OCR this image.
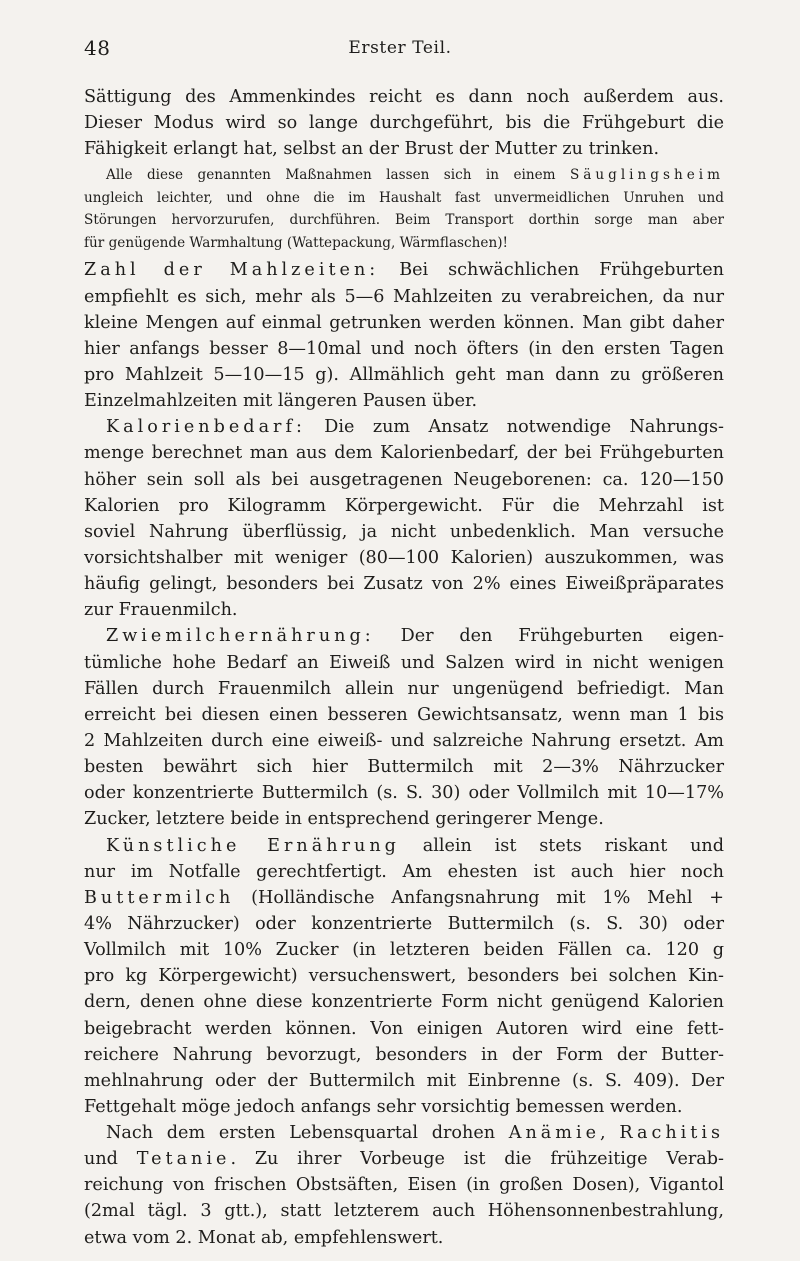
48	Erster Teil.
Sättigung des Ammenkindes reicht es dann noch außerdem aus.
Dieser Modus wird so lange durchgeführt, bis die Frühgeburt die
Fähigkeit erlangt hat, selbst an der Brust der Mutter zu trinken.
Alle diese genannten Maßnahmen lassen sich in einem Säuglingsheim
ungleich leichter, und ohne die im Haushalt fast unvermeidlichen Unruhen und
Störungen hervorzurufen, durchführen. Beim Transport dorthin sorge man aber
für genügende Warmhaltung (Wattepackung, Wärmflaschen)!
Zahl der Mahlzeiten: Bei schwächlichen Frühgeburten
empfiehlt es sich, mehr als 5—6 Mahlzeiten zu verabreichen, da nur
kleine Mengen auf einmal getrunken werden können. Man gibt daher
hier anfangs besser 8—10mal und noch öfters (in den ersten Tagen
pro Mahlzeit 5—10—15 g). Allmählich geht man dann zu größeren
Einzelmahlzeiten mit längeren Pausen über.
Kalorienbedarf: Die zum Ansatz notwendige Nahrungs-
menge berechnet man aus dem Kalorienbedarf, der bei Frühgeburten
höher sein soll als bei ausgetragenen Neugeborenen: ca. 120—150
Kalorien pro Kilogramm Körpergewicht. Für die Mehrzahl ist
soviel Nahrung überflüssig, ja nicht unbedenklich. Man versuche
vorsichtshalber mit weniger (80—100 Kalorien) auszukommen, was
häufig gelingt, besonders bei Zusatz von 2% eines Eiweißpräparates
zur Frauenmilch.
Zwiemilchernährung: Der den Frühgeburten eigen-
tümliche hohe Bedarf an Eiweiß und Salzen wird in nicht wenigen
Fällen durch Frauenmilch allein nur ungenügend befriedigt. Man
erreicht bei diesen einen besseren Gewichtsansatz, wenn man 1 bis
2 Mahlzeiten durch eine eiweiß- und salzreiche Nahrung ersetzt. Am
besten bewährt sich hier Buttermilch mit 2—3% Nährzucker
oder konzentrierte Buttermilch (s. S. 30) oder Vollmilch mit 10—17%
Zucker, letztere beide in entsprechend geringerer Menge.
Künstliche Ernährung allein ist stets riskant und
nur im Notfalle gerechtfertigt. Am ehesten ist auch hier noch
Buttermilch (Holländische Anfangsnahrung mit 1% Mehl +
4% Nährzucker) oder konzentrierte Buttermilch (s. S. 30) oder
Vollmilch mit 10% Zucker (in letzteren beiden Fällen ca. 120 g
pro kg Körpergewicht) versuchenswert, besonders bei solchen Kin-
dern, denen ohne diese konzentrierte Form nicht genügend Kalorien
beigebracht werden können. Von einigen Autoren wird eine fett-
reichere Nahrung bevorzugt, besonders in der Form der Butter-
mehlnahrung oder der Buttermilch mit Einbrenne (s. S. 409). Der
Fettgehalt möge jedoch anfangs sehr vorsichtig bemessen werden.
Nach dem ersten Lebensquartal drohen Anämie, Rachitis
und Tetanie. Zu ihrer Vorbeuge ist die frühzeitige Verab-
reichung von frischen Obstsäften, Eisen (in großen Dosen), Vigantol
(2mal tägl. 3 gtt.), statt letzterem auch Höhensonnenbestrahlung,
etwa vom 2. Monat ab, empfehlenswert.
